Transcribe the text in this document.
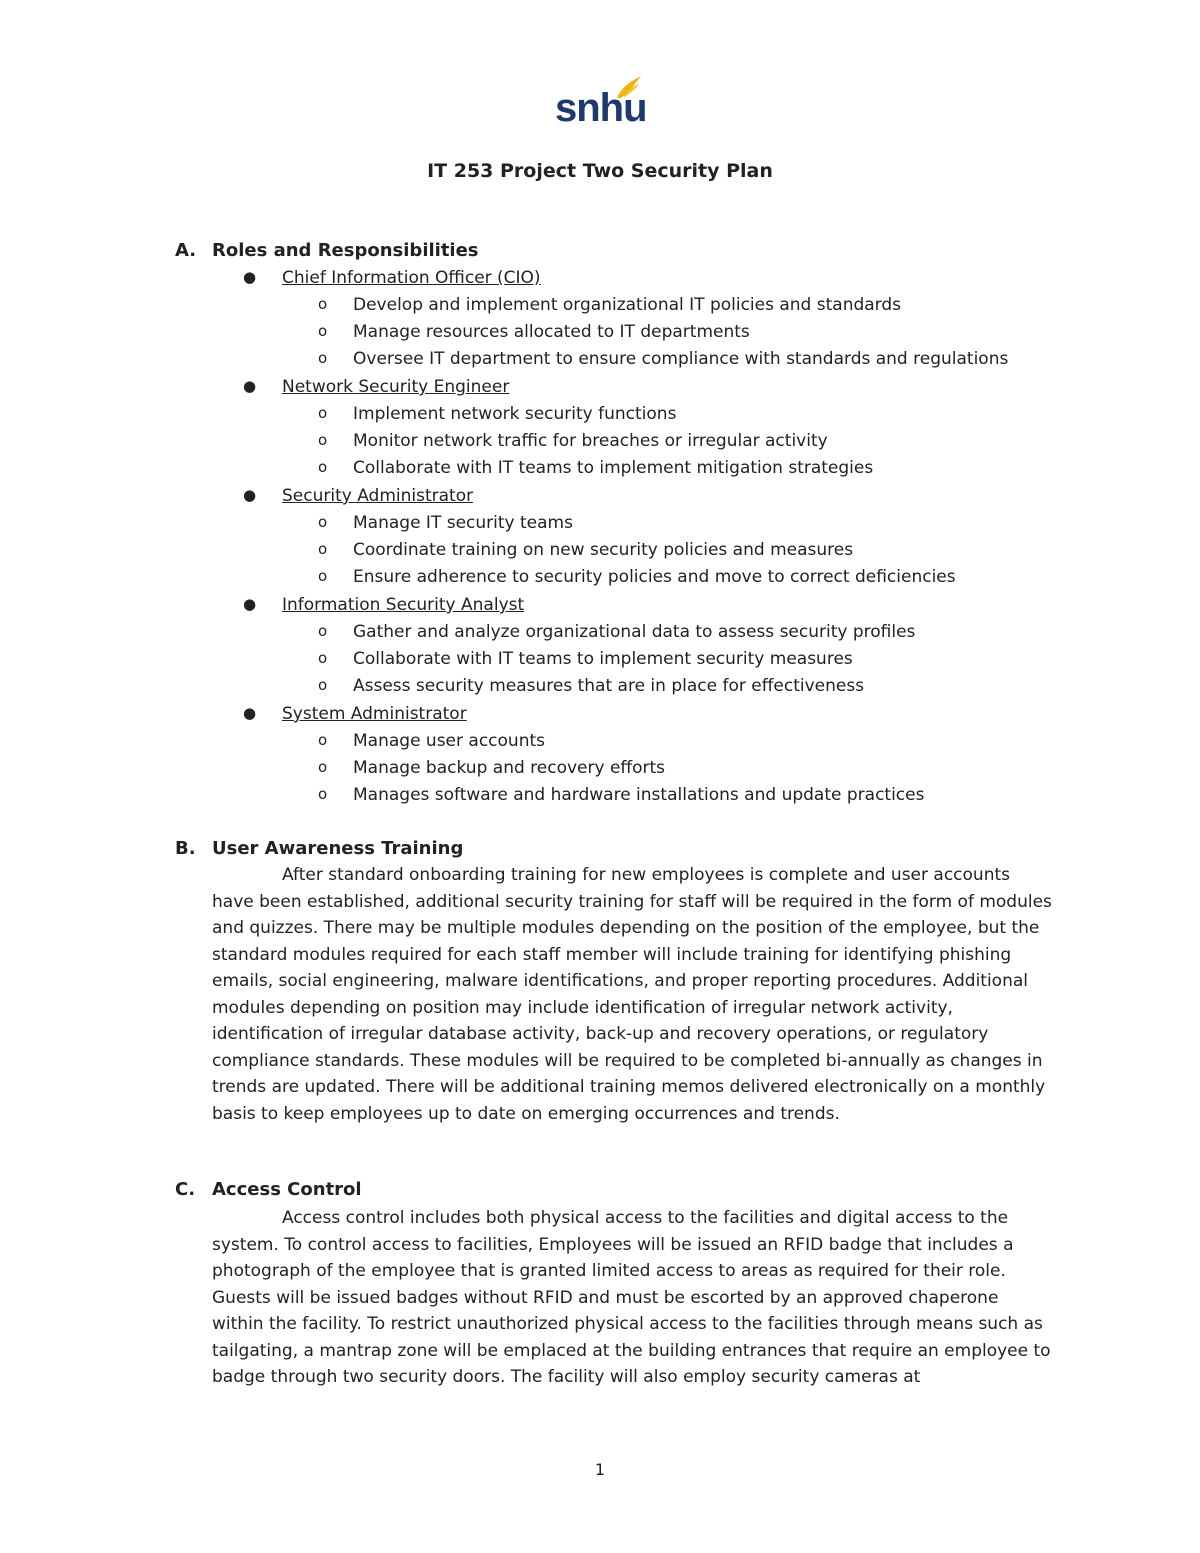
snhu
IT 253 Project Two Security Plan
A. Roles and Responsibilities
● Chief Information Officer (CIO)
o Develop and implement organizational IT policies and standards
o Manage resources allocated to IT departments
o Oversee IT department to ensure compliance with standards and regulations
● Network Security Engineer
o Implement network security functions
o Monitor network traffic for breaches or irregular activity
o Collaborate with IT teams to implement mitigation strategies
● Security Administrator
o Manage IT security teams
o Coordinate training on new security policies and measures
o Ensure adherence to security policies and move to correct deficiencies
● Information Security Analyst
o Gather and analyze organizational data to assess security profiles
o Collaborate with IT teams to implement security measures
o Assess security measures that are in place for effectiveness
● System Administrator
o Manage user accounts
o Manage backup and recovery efforts
o Manages software and hardware installations and update practices
B. User Awareness Training

After standard onboarding training for new employees is complete and user accounts have been established, additional security training for staff will be required in the form of modules and quizzes. There may be multiple modules depending on the position of the employee, but the standard modules required for each staff member will include training for identifying phishing emails, social engineering, malware identifications, and proper reporting procedures. Additional modules depending on position may include identification of irregular network activity, identification of irregular database activity, back-up and recovery operations, or regulatory compliance standards. These modules will be required to be completed bi-annually as changes in trends are updated. There will be additional training memos delivered electronically on a monthly basis to keep employees up to date on emerging occurrences and trends.

C. Access Control

Access control includes both physical access to the facilities and digital access to the system. To control access to facilities, Employees will be issued an RFID badge that includes a photograph of the employee that is granted limited access to areas as required for their role. Guests will be issued badges without RFID and must be escorted by an approved chaperone within the facility. To restrict unauthorized physical access to the facilities through means such as tailgating, a mantrap zone will be emplaced at the building entrances that require an employee to badge through two security doors. The facility will also employ security cameras at

1
